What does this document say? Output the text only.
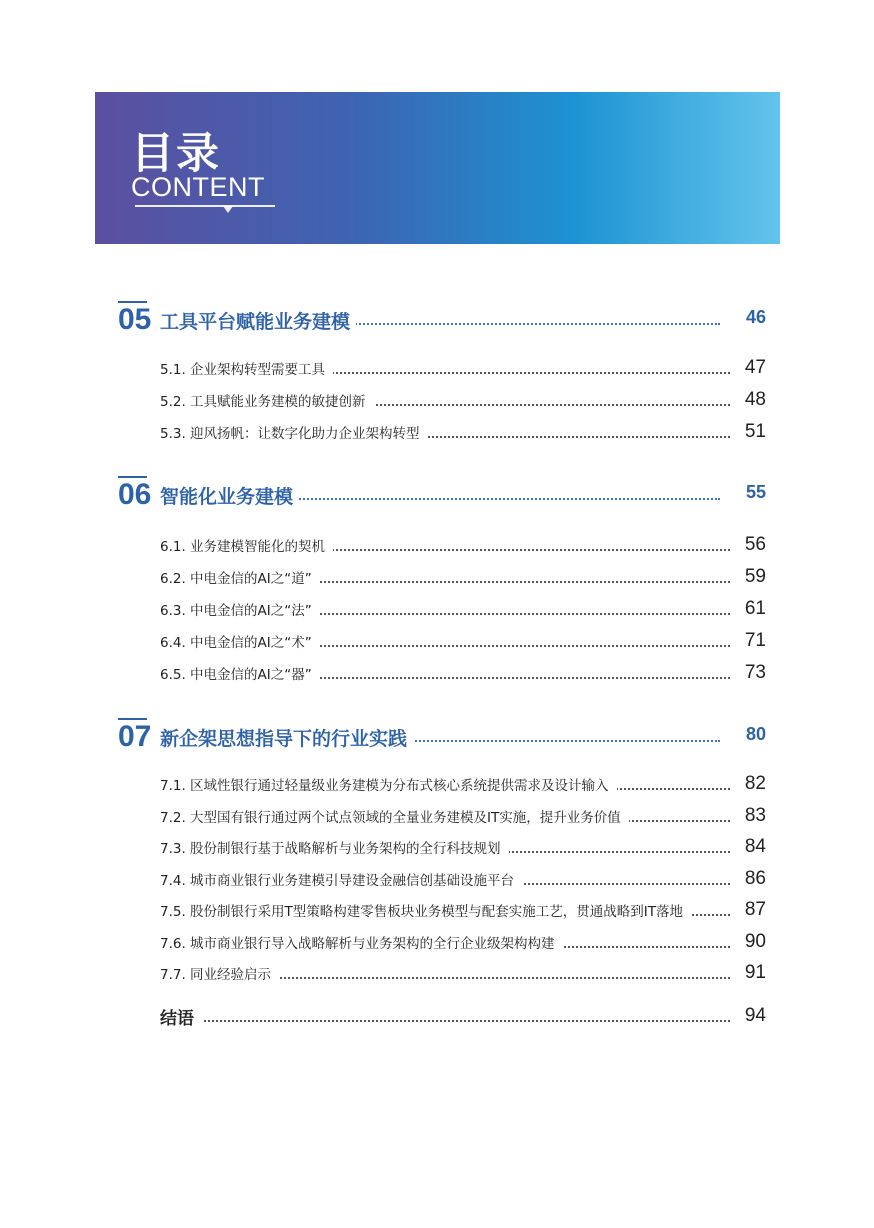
目录
CONTENT
05 工具平台赋能业务建模	46
5.1. 企业架构转型需要工具	47
5.2. 工具赋能业务建模的敏捷创新	48
5.3. 迎风扬帆：让数字化助力企业架构转型	51
06 智能化业务建模	55
6.1. 业务建模智能化的契机	56
6.2. 中电金信的AI之“道”	59
6.3. 中电金信的AI之“法”	61
6.4. 中电金信的AI之“术”	71
6.5. 中电金信的AI之“器”	73
07 新企架思想指导下的行业实践	80
7.1. 区域性银行通过轻量级业务建模为分布式核心系统提供需求及设计输入	82
7.2. 大型国有银行通过两个试点领域的全量业务建模及IT实施，提升业务价值	83
7.3. 股份制银行基于战略解析与业务架构的全行科技规划	84
7.4. 城市商业银行业务建模引导建设金融信创基础设施平台	86
7.5. 股份制银行采用T型策略构建零售板块业务模型与配套实施工艺，贯通战略到IT落地	87
7.6. 城市商业银行导入战略解析与业务架构的全行企业级架构构建	90
7.7. 同业经验启示	91
结语	94
